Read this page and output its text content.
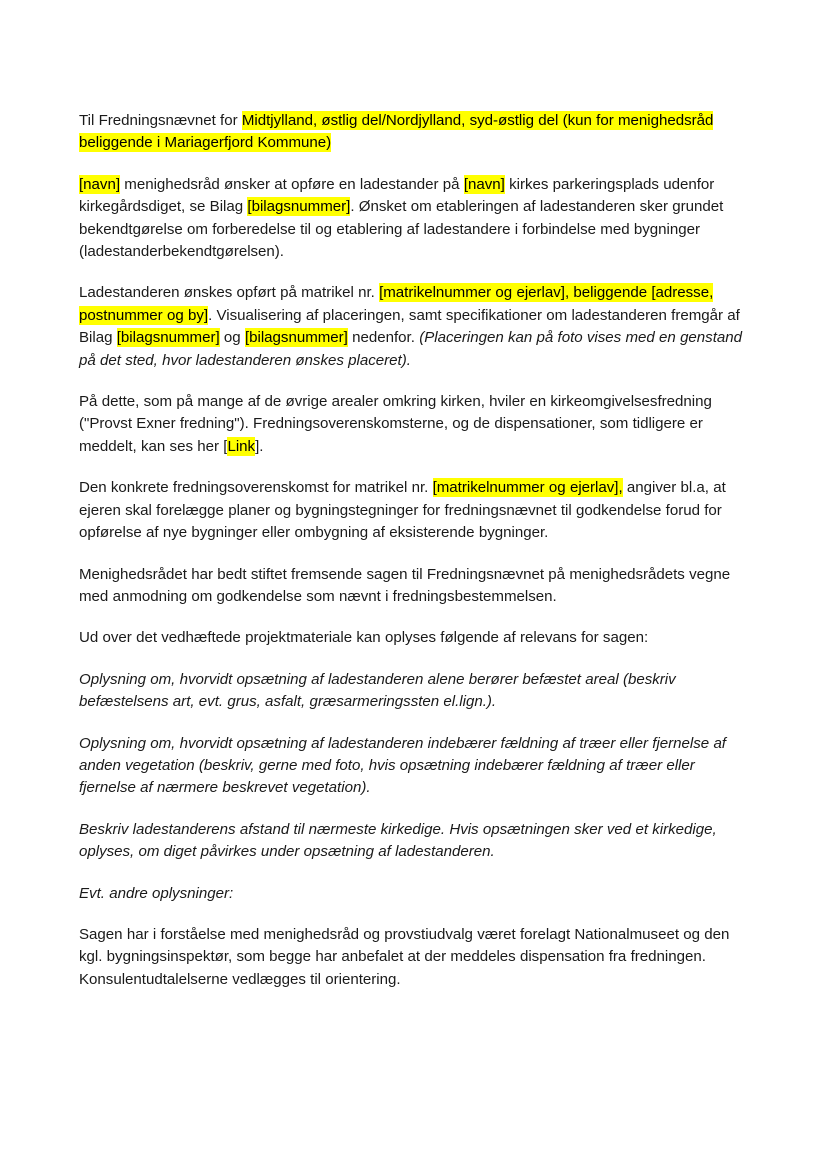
Til Fredningsnævnet for Midtjylland, østlig del/Nordjylland, syd-østlig del (kun for menighedsråd beliggende i Mariagerfjord Kommune)

[navn] menighedsråd ønsker at opføre en ladestander på [navn] kirkes parkeringsplads udenfor kirkegårdsdiget, se Bilag [bilagsnummer]. Ønsket om etableringen af ladestanderen sker grundet bekendtgørelse om forberedelse til og etablering af ladestandere i forbindelse med bygninger (ladestanderbekendtgørelsen).

Ladestanderen ønskes opført på matrikel nr. [matrikelnummer og ejerlav], beliggende [adresse, postnummer og by]. Visualisering af placeringen, samt specifikationer om ladestanderen fremgår af Bilag [bilagsnummer] og [bilagsnummer] nedenfor. (Placeringen kan på foto vises med en genstand på det sted, hvor ladestanderen ønskes placeret).

På dette, som på mange af de øvrige arealer omkring kirken, hviler en kirkeomgivelsesfredning ("Provst Exner fredning"). Fredningsoverenskomsterne, og de dispensationer, som tidligere er meddelt, kan ses her [Link].

Den konkrete fredningsoverenskomst for matrikel nr. [matrikelnummer og ejerlav], angiver bl.a, at ejeren skal forelægge planer og bygningstegninger for fredningsnævnet til godkendelse forud for opførelse af nye bygninger eller ombygning af eksisterende bygninger.

Menighedsrådet har bedt stiftet fremsende sagen til Fredningsnævnet på menighedsrådets vegne med anmodning om godkendelse som nævnt i fredningsbestemmelsen.

Ud over det vedhæftede projektmateriale kan oplyses følgende af relevans for sagen:

Oplysning om, hvorvidt opsætning af ladestanderen alene berører befæstet areal (beskriv befæstelsens art, evt. grus, asfalt, græsarmeringssten el.lign.).

Oplysning om, hvorvidt opsætning af ladestanderen indebærer fældning af træer eller fjernelse af anden vegetation (beskriv, gerne med foto, hvis opsætning indebærer fældning af træer eller fjernelse af nærmere beskrevet vegetation).

Beskriv ladestanderens afstand til nærmeste kirkedige. Hvis opsætningen sker ved et kirkedige, oplyses, om diget påvirkes under opsætning af ladestanderen.

Evt. andre oplysninger:

Sagen har i forståelse med menighedsråd og provstiudvalg været forelagt Nationalmuseet og den kgl. bygningsinspektør, som begge har anbefalet at der meddeles dispensation fra fredningen. Konsulentudtalelserne vedlægges til orientering.
